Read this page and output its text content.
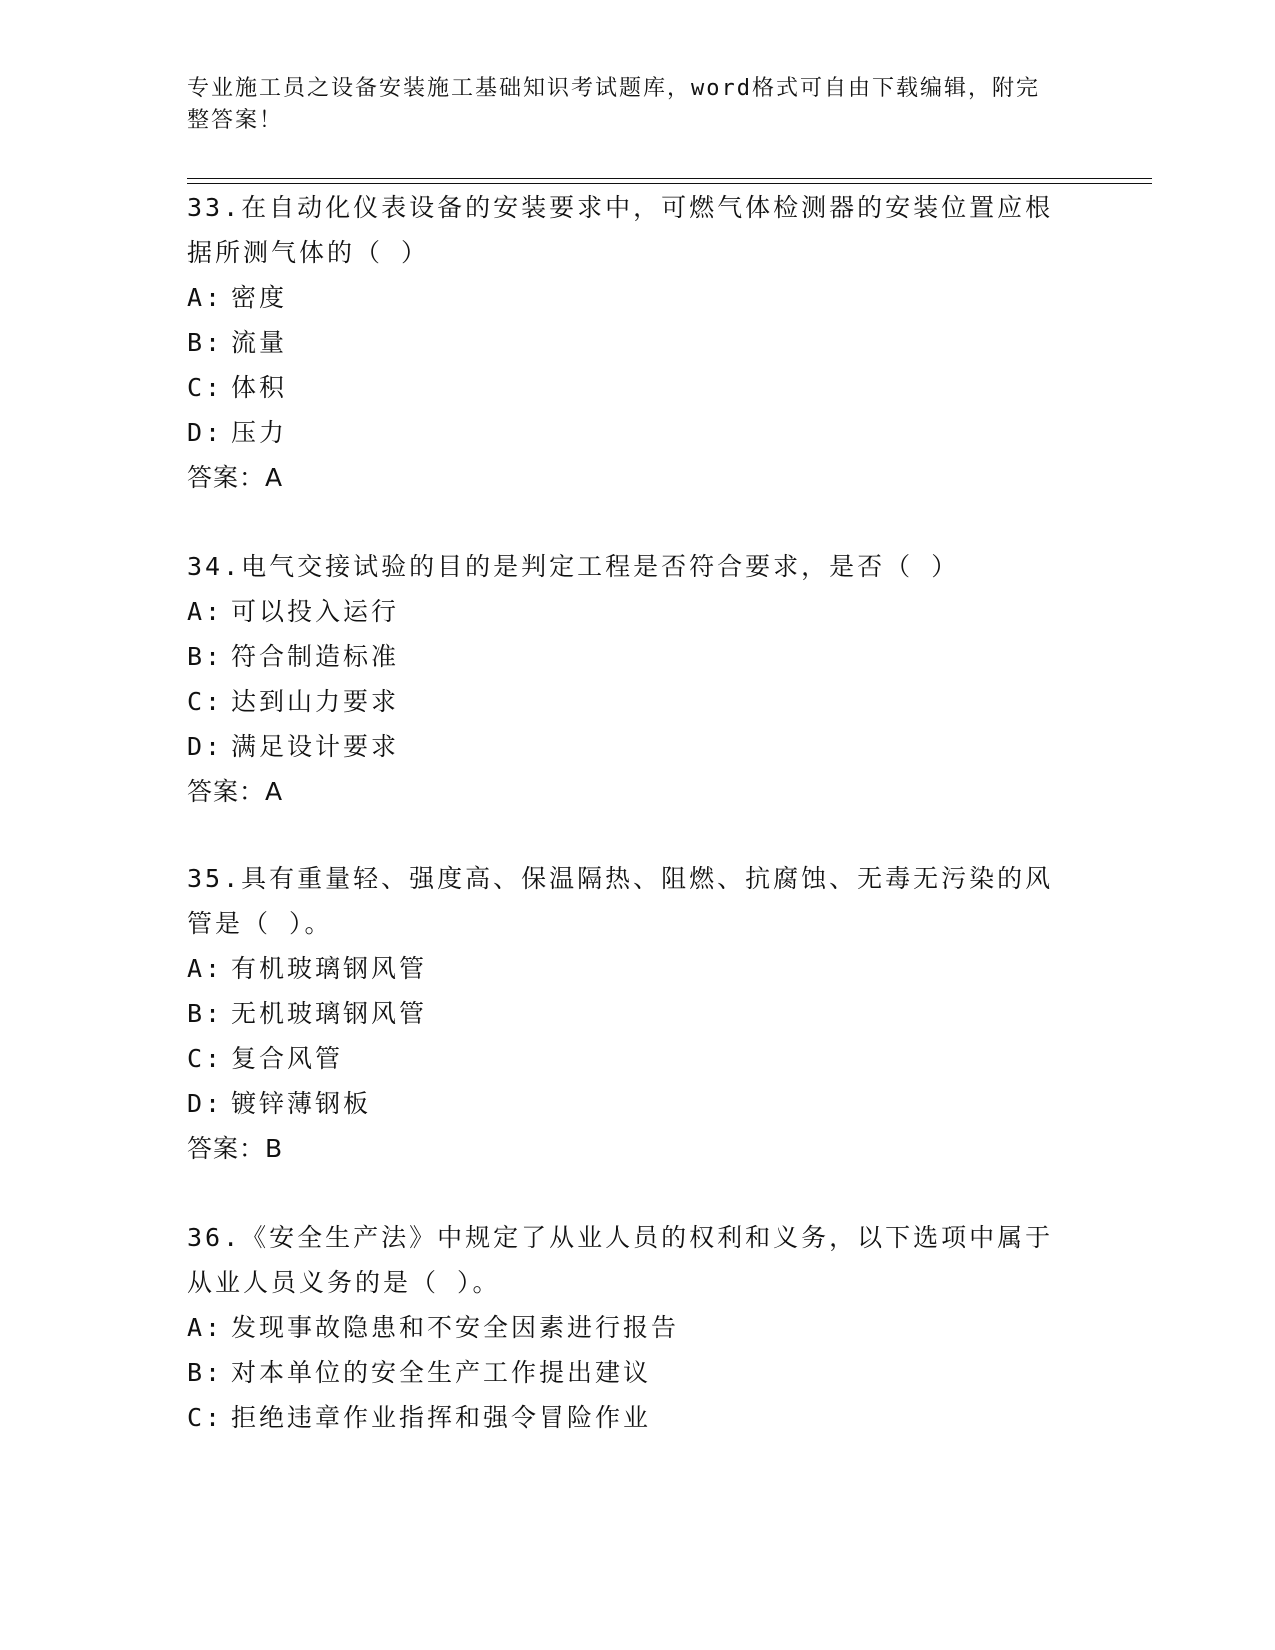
专业施工员之设备安装施工基础知识考试题库，word格式可自由下载编辑，附完
整答案！
33.在自动化仪表设备的安装要求中，可燃气体检测器的安装位置应根
据所测气体的（ ）
A: 密度
B: 流量
C: 体积
D: 压力
答案：A
34.电气交接试验的目的是判定工程是否符合要求，是否（ ）
A: 可以投入运行
B: 符合制造标准
C: 达到山力要求
D: 满足设计要求
答案：A
35.具有重量轻、强度高、保温隔热、阻燃、抗腐蚀、无毒无污染的风
管是（ ）。
A: 有机玻璃钢风管
B: 无机玻璃钢风管
C: 复合风管
D: 镀锌薄钢板
答案：B
36.《安全生产法》中规定了从业人员的权利和义务，以下选项中属于
从业人员义务的是（ ）。
A: 发现事故隐患和不安全因素进行报告
B: 对本单位的安全生产工作提出建议
C: 拒绝违章作业指挥和强令冒险作业
